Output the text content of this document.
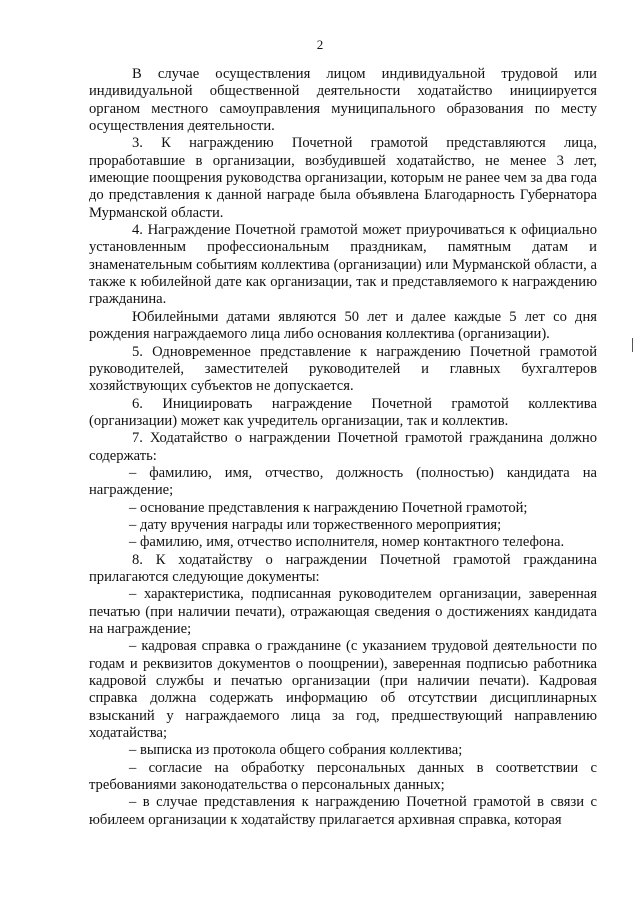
2

В случае осуществления лицом индивидуальной трудовой или индивидуальной общественной деятельности ходатайство инициируется органом местного самоуправления муниципального образования по месту осуществления деятельности.

3. К награждению Почетной грамотой представляются лица, проработавшие в организации, возбудившей ходатайство, не менее 3 лет, имеющие поощрения руководства организации, которым не ранее чем за два года до представления к данной награде была объявлена Благодарность Губернатора Мурманской области.

4. Награждение Почетной грамотой может приурочиваться к официально установленным профессиональным праздникам, памятным датам и знаменательным событиям коллектива (организации) или Мурманской области, а также к юбилейной дате как организации, так и представляемого к награждению гражданина.

Юбилейными датами являются 50 лет и далее каждые 5 лет со дня рождения награждаемого лица либо основания коллектива (организации).

5. Одновременное представление к награждению Почетной грамотой руководителей, заместителей руководителей и главных бухгалтеров хозяйствующих субъектов не допускается.

6. Инициировать награждение Почетной грамотой коллектива (организации) может как учредитель организации, так и коллектив.

7. Ходатайство о награждении Почетной грамотой гражданина должно содержать:

– фамилию, имя, отчество, должность (полностью) кандидата на награждение;

– основание представления к награждению Почетной грамотой;

– дату вручения награды или торжественного мероприятия;

– фамилию, имя, отчество исполнителя, номер контактного телефона.

8. К ходатайству о награждении Почетной грамотой гражданина прилагаются следующие документы:

– характеристика, подписанная руководителем организации, заверенная печатью (при наличии печати), отражающая сведения о достижениях кандидата на награждение;

– кадровая справка о гражданине (с указанием трудовой деятельности по годам и реквизитов документов о поощрении), заверенная подписью работника кадровой службы и печатью организации (при наличии печати). Кадровая справка должна содержать информацию об отсутствии дисциплинарных взысканий у награждаемого лица за год, предшествующий направлению ходатайства;

– выписка из протокола общего собрания коллектива;

– согласие на обработку персональных данных в соответствии с требованиями законодательства о персональных данных;

– в случае представления к награждению Почетной грамотой в связи с юбилеем организации к ходатайству прилагается архивная справка, которая
